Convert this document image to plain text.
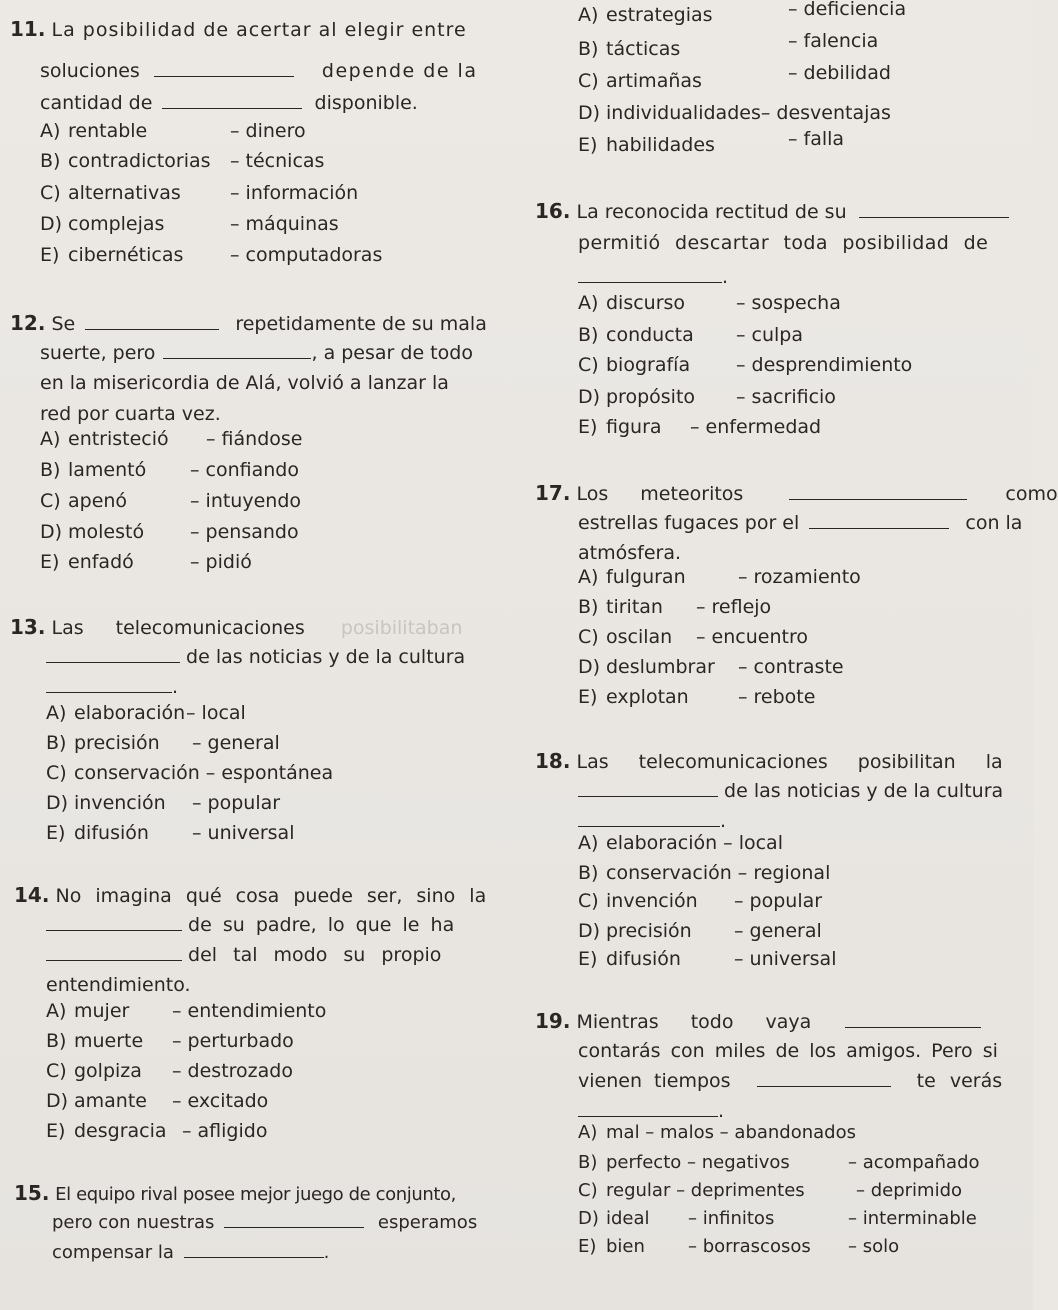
11. La posibilidad de acertar al elegir entre
soluciones	depende de la
cantidad de	disponible.
A) rentable	– dinero
B) contradictorias – técnicas
C) alternativas	– información
D) complejas	– máquinas
E) cibernéticas – computadoras
12. Se	repetidamente de su mala
suerte, pero	, a pesar de todo
en la misericordia de Alá, volvió a lanzar la
red por cuarta vez.
A) entristeció – fiándose
B) lamentó – confiando
C) apenó	– intuyendo
D) molestó – pensando
E) enfadó	– pidió
13. Las telecomunicaciones posibilitaban
de las noticias y de la cultura
.
A) elaboración – local
B) precisión – general
C) conservación – espontánea
D) invención – popular
E) difusión – universal
14. No imagina qué cosa puede ser, sino la
de su padre, lo que le ha
del tal modo su propio
entendimiento.
A) mujer – entendimiento
B) muerte – perturbado
C) golpiza – destrozado
D) amante – excitado
E) desgracia – afligido
15. El equipo rival posee mejor juego de conjunto,
pero con nuestras	esperamos
compensar la	.
A) estrategias	– deficiencia
B) tácticas	– falencia
C) artimañas	– debilidad
D) individualidades– desventajas
E) habilidades	– falla
16. La reconocida rectitud de su
permitió descartar toda posibilidad de
.
A) discurso	– sospecha
B) conducta – culpa
C) biografía – desprendimiento
D) propósito – sacrificio
E) figura – enfermedad
17. Los meteoritos	como
estrellas fugaces por el	con la
atmósfera.
A) fulguran	– rozamiento
B) tiritan – reflejo
C) oscilan – encuentro
D) deslumbrar – contraste
E) explotan	– rebote
18. Las telecomunicaciones posibilitan la
de las noticias y de la cultura
.
A) elaboración – local
B) conservación – regional
C) invención – popular
D) precisión – general
E) difusión	– universal
19. Mientras todo vaya
contarás con miles de los amigos. Pero si
vienen tiempos	te verás
.
A) mal – malos – abandonados
B) perfecto – negativos	– acompañado
C) regular – deprimentes	– deprimido
D) ideal – infinitos	– interminable
E) bien – borrascosos – solo
